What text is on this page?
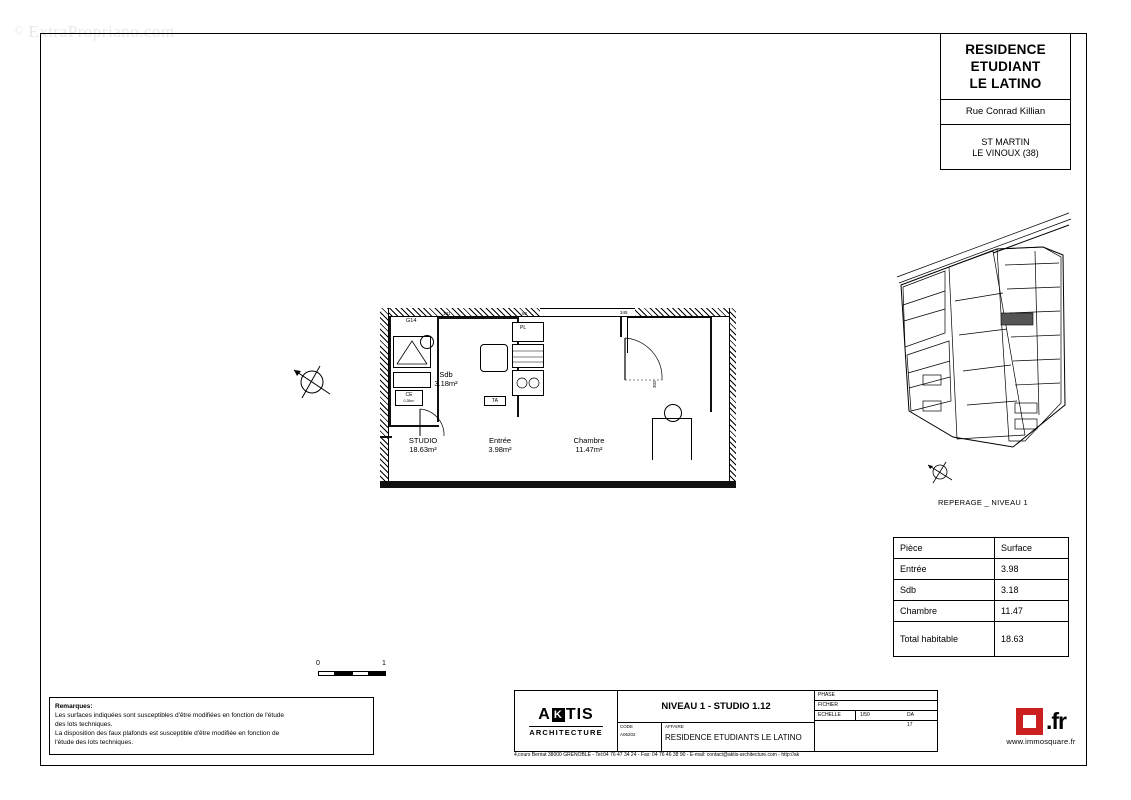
© ExtraPropriano.com
RESIDENCE
ETUDIANT
LE LATINO
Rue Conrad Killian
ST MARTIN
LE VINOUX (38)
CE
0.28m²
PL
TA
G14
131	60	345
302
Sdb
3.18m²
Entrée
3.98m²
Chambre
11.47m²
STUDIO
18.63m²
REPERAGE _ NIVEAU 1
Pièce	Surface
Entrée	3.98
Sdb	3.18
Chambre	11.47
Total habitable	18.63
0	1
Remarques:
Les surfaces indiquées sont susceptibles d'être modifiées en fonction de l'étude
des lots techniques.
La disposition des faux plafonds est susceptible d'être modifiée en fonction de
l'étude des lots techniques.
A K TIS
ARCHITECTURE
NIVEAU 1 - STUDIO 1.12
CODE
A06202
AFFAIRE
RESIDENCE ETUDIANTS LE LATINO
PHASE
FICHIER
ECHELLE	1/50	DA
17
4,cours Berriat 38000 GRENOBLE - Tel:04 76 47 34 24 - Fax: 04 76 46 38 90 - E-mail: contact@aktis-architecture.com - http://ak
.fr
www.immosquare.fr
